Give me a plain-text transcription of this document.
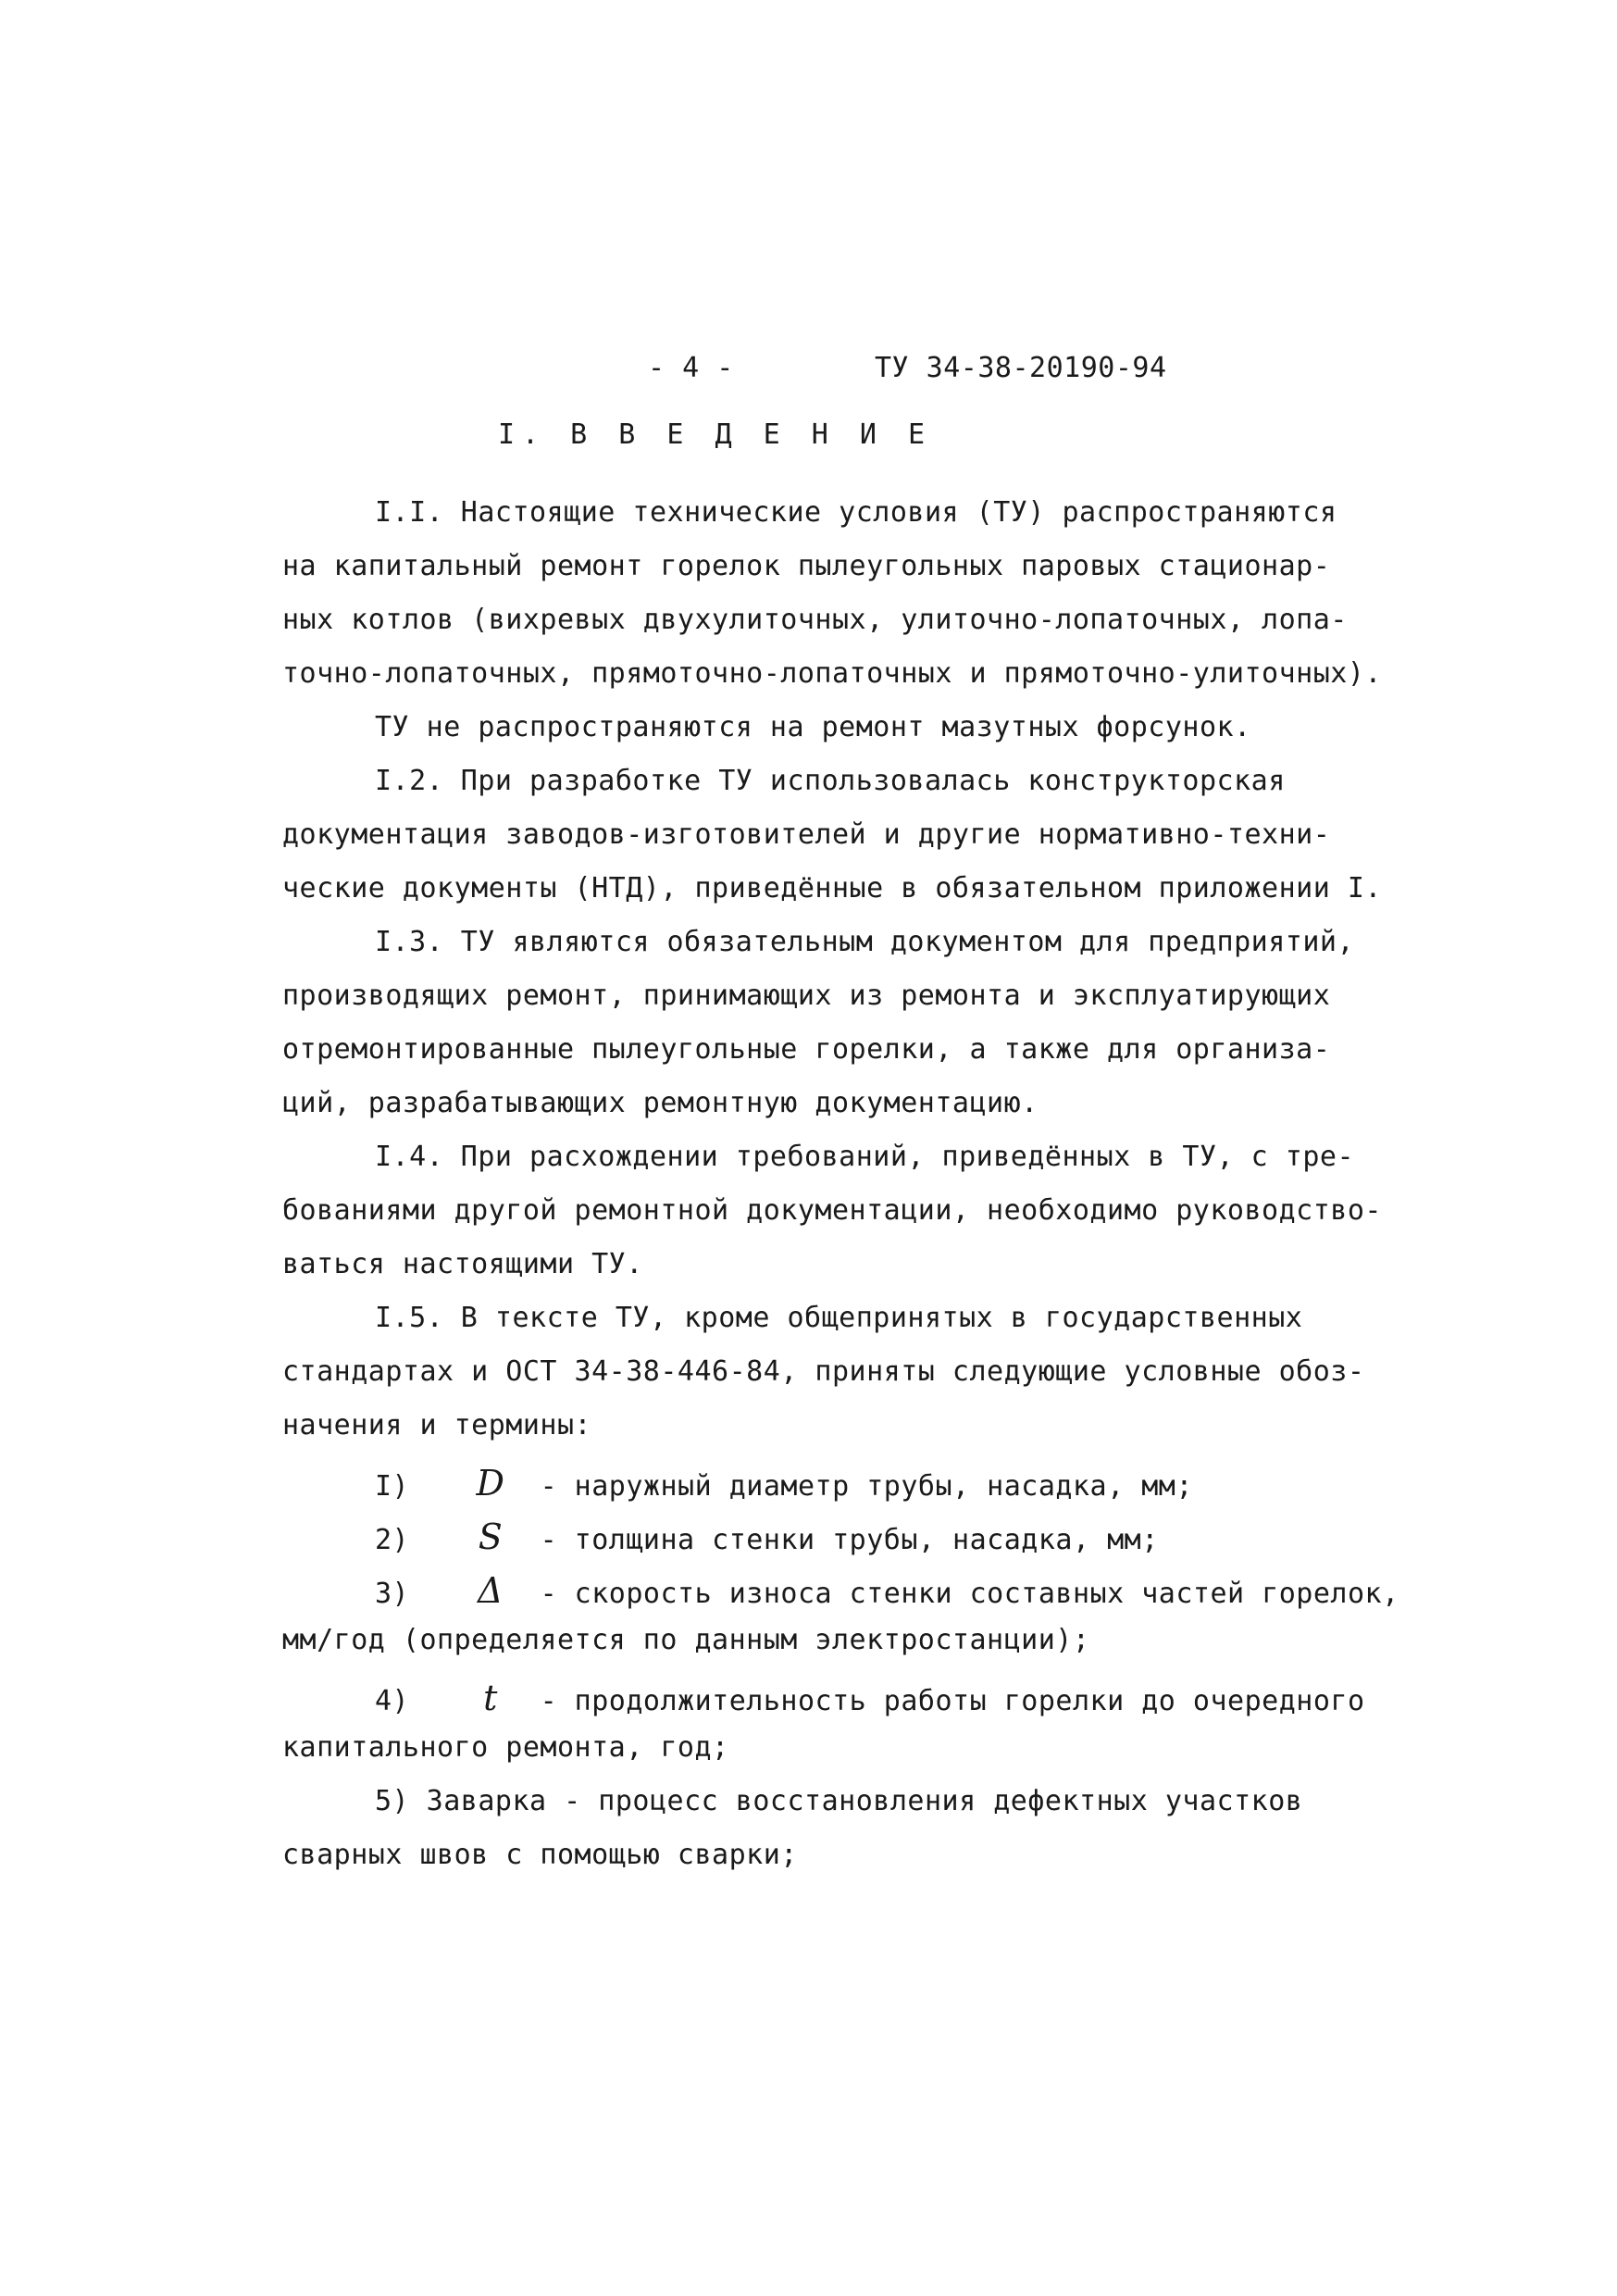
- 4 -	ТУ 34-38-20190-94
I. В В Е Д Е Н И Е
I.I. Настоящие технические условия (ТУ) распространяются
на капитальный ремонт горелок пылеугольных паровых стационар-
ных котлов (вихревых двухулиточных, улиточно-лопаточных, лопа-
точно-лопаточных, прямоточно-лопаточных и прямоточно-улиточных).
ТУ не распространяются на ремонт мазутных форсунок.
I.2. При разработке ТУ использовалась конструкторская
документация заводов-изготовителей и другие нормативно-техни-
ческие документы (НТД), приведённые в обязательном приложении I.
I.3. ТУ являются обязательным документом для предприятий,
производящих ремонт, принимающих из ремонта и эксплуатирующих
отремонтированные пылеугольные горелки, а также для организа-
ций, разрабатывающих ремонтную документацию.
I.4. При расхождении требований, приведённых в ТУ, с тре-
бованиями другой ремонтной документации, необходимо руководство-
ваться настоящими ТУ.
I.5. В тексте ТУ, кроме общепринятых в государственных
стандартах и ОСТ 34-38-446-84, приняты следующие условные обоз-
начения и термины:
I) D - наружный диаметр трубы, насадка, мм;
2) S - толщина стенки трубы, насадка, мм;
3) Δ - скорость износа стенки составных частей горелок,
мм/год (определяется по данным электростанции);
4) t - продолжительность работы горелки до очередного
капитального ремонта, год;
5) Заварка - процесс восстановления дефектных участков
сварных швов с помощью сварки;
